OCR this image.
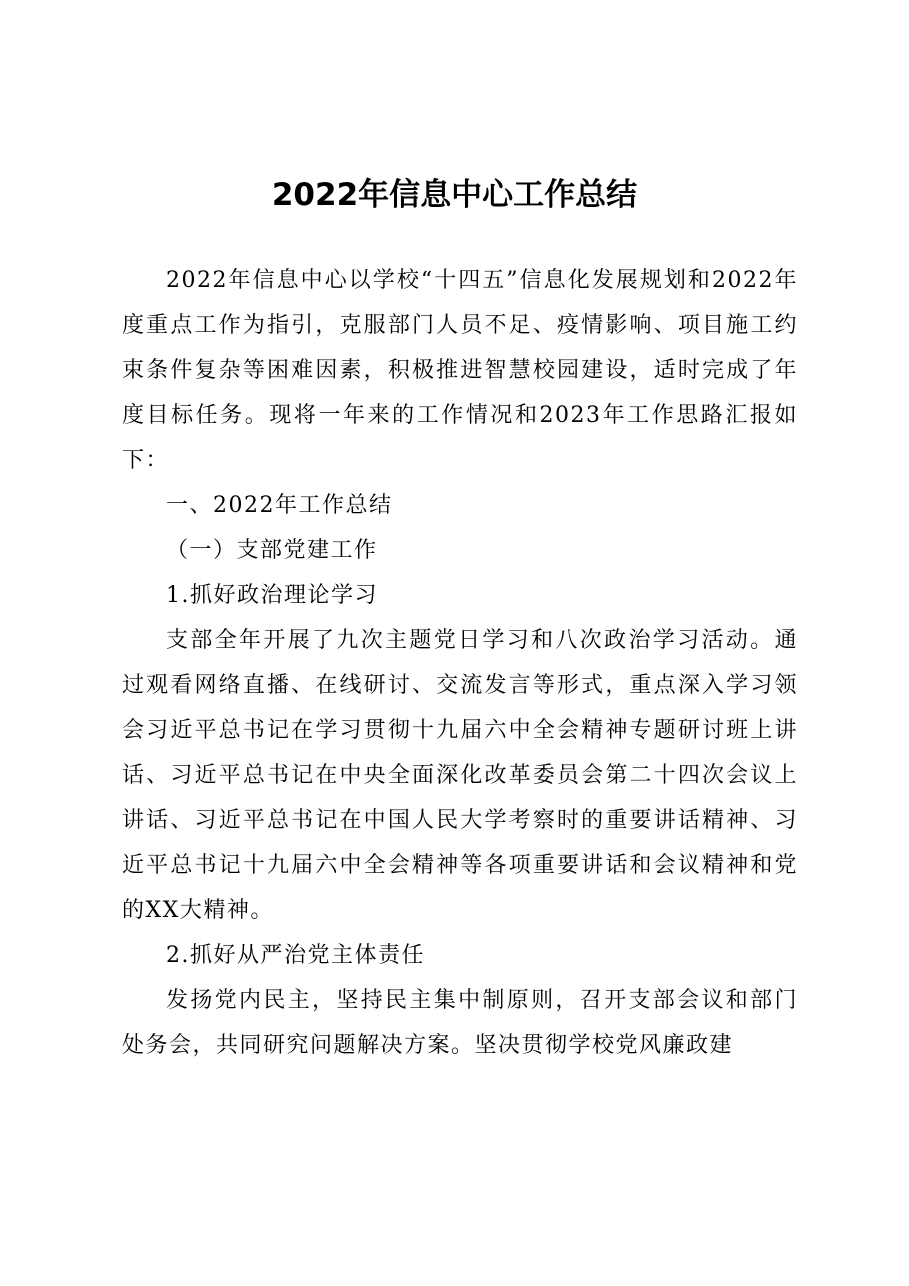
2022年信息中心工作总结

2022年信息中心以学校“十四五”信息化发展规划和2022年度重点工作为指引，克服部门人员不足、疫情影响、项目施工约束条件复杂等困难因素，积极推进智慧校园建设，适时完成了年度目标任务。现将一年来的工作情况和2023年工作思路汇报如下：

一、2022年工作总结

（一）支部党建工作

1.抓好政治理论学习

支部全年开展了九次主题党日学习和八次政治学习活动。通过观看网络直播、在线研讨、交流发言等形式，重点深入学习领会习近平总书记在学习贯彻十九届六中全会精神专题研讨班上讲话、习近平总书记在中央全面深化改革委员会第二十四次会议上讲话、习近平总书记在中国人民大学考察时的重要讲话精神、习近平总书记十九届六中全会精神等各项重要讲话和会议精神和党的XX大精神。

2.抓好从严治党主体责任

发扬党内民主，坚持民主集中制原则，召开支部会议和部门处务会，共同研究问题解决方案。坚决贯彻学校党风廉政建
